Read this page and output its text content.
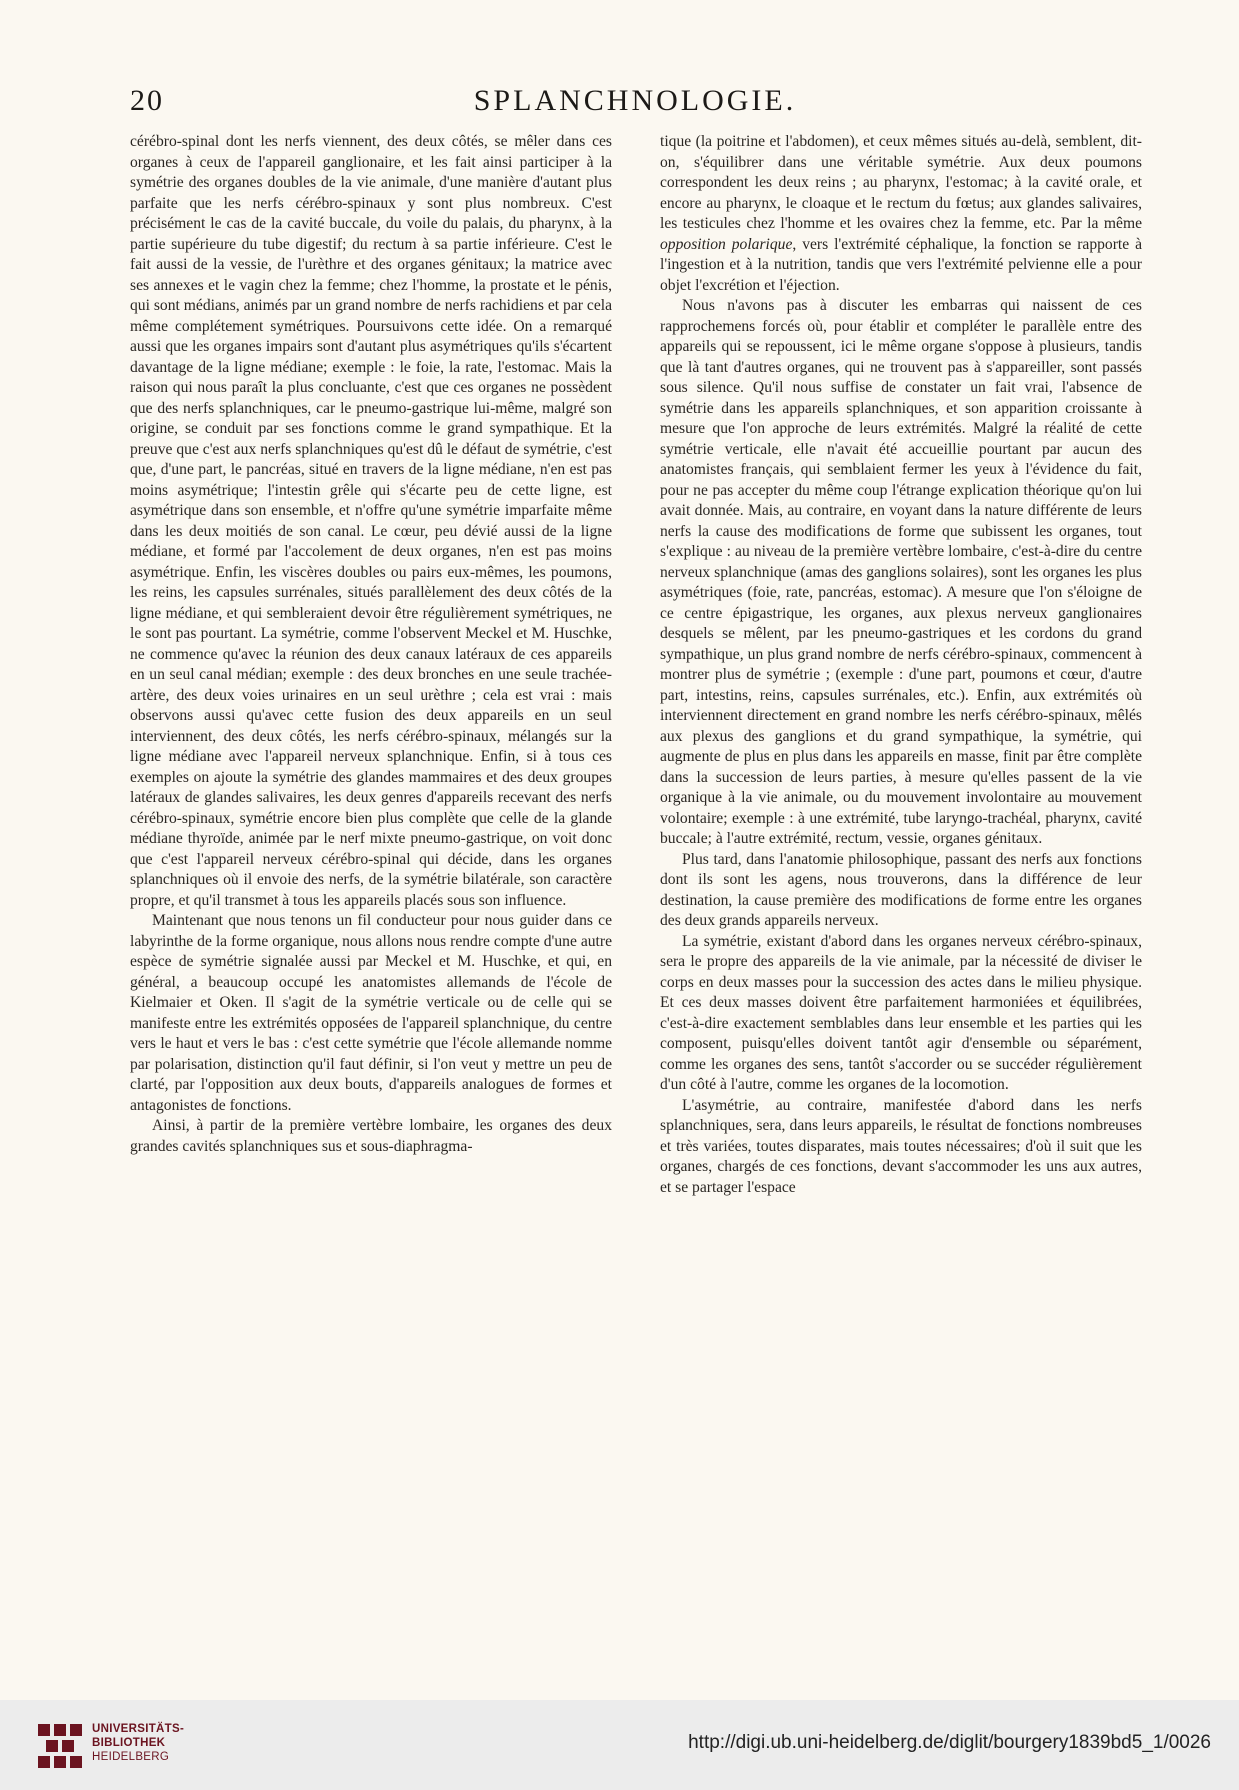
20	SPLANCHNOLOGIE.

cérébro-spinal dont les nerfs viennent, des deux côtés, se mêler dans ces organes à ceux de l'appareil ganglionaire, et les fait ainsi participer à la symétrie des organes doubles de la vie animale, d'une manière d'autant plus parfaite que les nerfs cérébro-spinaux y sont plus nombreux. C'est précisément le cas de la cavité buccale, du voile du palais, du pharynx, à la partie supérieure du tube digestif; du rectum à sa partie inférieure. C'est le fait aussi de la vessie, de l'urèthre et des organes génitaux; la matrice avec ses annexes et le vagin chez la femme; chez l'homme, la prostate et le pénis, qui sont médians, animés par un grand nombre de nerfs rachidiens et par cela même complétement symétriques. Poursuivons cette idée. On a remarqué aussi que les organes impairs sont d'autant plus asymétriques qu'ils s'écartent davantage de la ligne médiane; exemple : le foie, la rate, l'estomac. Mais la raison qui nous paraît la plus concluante, c'est que ces organes ne possèdent que des nerfs splanchniques, car le pneumo-gastrique lui-même, malgré son origine, se conduit par ses fonctions comme le grand sympathique. Et la preuve que c'est aux nerfs splanchniques qu'est dû le défaut de symétrie, c'est que, d'une part, le pancréas, situé en travers de la ligne médiane, n'en est pas moins asymétrique; l'intestin grêle qui s'écarte peu de cette ligne, est asymétrique dans son ensemble, et n'offre qu'une symétrie imparfaite même dans les deux moitiés de son canal. Le cœur, peu dévié aussi de la ligne médiane, et formé par l'accolement de deux organes, n'en est pas moins asymétrique. Enfin, les viscères doubles ou pairs eux-mêmes, les poumons, les reins, les capsules surrénales, situés parallèlement des deux côtés de la ligne médiane, et qui sembleraient devoir être régulièrement symétriques, ne le sont pas pourtant. La symétrie, comme l'observent Meckel et M. Huschke, ne commence qu'avec la réunion des deux canaux latéraux de ces appareils en un seul canal médian; exemple : des deux bronches en une seule trachée-artère, des deux voies urinaires en un seul urèthre ; cela est vrai : mais observons aussi qu'avec cette fusion des deux appareils en un seul interviennent, des deux côtés, les nerfs cérébro-spinaux, mélangés sur la ligne médiane avec l'appareil nerveux splanchnique. Enfin, si à tous ces exemples on ajoute la symétrie des glandes mammaires et des deux groupes latéraux de glandes salivaires, les deux genres d'appareils recevant des nerfs cérébro-spinaux, symétrie encore bien plus complète que celle de la glande médiane thyroïde, animée par le nerf mixte pneumo-gastrique, on voit donc que c'est l'appareil nerveux cérébro-spinal qui décide, dans les organes splanchniques où il envoie des nerfs, de la symétrie bilatérale, son caractère propre, et qu'il transmet à tous les appareils placés sous son influence.

Maintenant que nous tenons un fil conducteur pour nous guider dans ce labyrinthe de la forme organique, nous allons nous rendre compte d'une autre espèce de symétrie signalée aussi par Meckel et M. Huschke, et qui, en général, a beaucoup occupé les anatomistes allemands de l'école de Kielmaier et Oken. Il s'agit de la symétrie verticale ou de celle qui se manifeste entre les extrémités opposées de l'appareil splanchnique, du centre vers le haut et vers le bas : c'est cette symétrie que l'école allemande nomme par polarisation, distinction qu'il faut définir, si l'on veut y mettre un peu de clarté, par l'opposition aux deux bouts, d'appareils analogues de formes et antagonistes de fonctions.

Ainsi, à partir de la première vertèbre lombaire, les organes des deux grandes cavités splanchniques sus et sous-diaphragma-

tique (la poitrine et l'abdomen), et ceux mêmes situés au-delà, semblent, dit-on, s'équilibrer dans une véritable symétrie. Aux deux poumons correspondent les deux reins ; au pharynx, l'estomac; à la cavité orale, et encore au pharynx, le cloaque et le rectum du fœtus; aux glandes salivaires, les testicules chez l'homme et les ovaires chez la femme, etc. Par la même opposition polarique, vers l'extrémité céphalique, la fonction se rapporte à l'ingestion et à la nutrition, tandis que vers l'extrémité pelvienne elle a pour objet l'excrétion et l'éjection.

Nous n'avons pas à discuter les embarras qui naissent de ces rapprochemens forcés où, pour établir et compléter le parallèle entre des appareils qui se repoussent, ici le même organe s'oppose à plusieurs, tandis que là tant d'autres organes, qui ne trouvent pas à s'appareiller, sont passés sous silence. Qu'il nous suffise de constater un fait vrai, l'absence de symétrie dans les appareils splanchniques, et son apparition croissante à mesure que l'on approche de leurs extrémités. Malgré la réalité de cette symétrie verticale, elle n'avait été accueillie pourtant par aucun des anatomistes français, qui semblaient fermer les yeux à l'évidence du fait, pour ne pas accepter du même coup l'étrange explication théorique qu'on lui avait donnée. Mais, au contraire, en voyant dans la nature différente de leurs nerfs la cause des modifications de forme que subissent les organes, tout s'explique : au niveau de la première vertèbre lombaire, c'est-à-dire du centre nerveux splanchnique (amas des ganglions solaires), sont les organes les plus asymétriques (foie, rate, pancréas, estomac). A mesure que l'on s'éloigne de ce centre épigastrique, les organes, aux plexus nerveux ganglionaires desquels se mêlent, par les pneumo-gastriques et les cordons du grand sympathique, un plus grand nombre de nerfs cérébro-spinaux, commencent à montrer plus de symétrie ; (exemple : d'une part, poumons et cœur, d'autre part, intestins, reins, capsules surrénales, etc.). Enfin, aux extrémités où interviennent directement en grand nombre les nerfs cérébro-spinaux, mêlés aux plexus des ganglions et du grand sympathique, la symétrie, qui augmente de plus en plus dans les appareils en masse, finit par être complète dans la succession de leurs parties, à mesure qu'elles passent de la vie organique à la vie animale, ou du mouvement involontaire au mouvement volontaire; exemple : à une extrémité, tube laryngo-trachéal, pharynx, cavité buccale; à l'autre extrémité, rectum, vessie, organes génitaux.

Plus tard, dans l'anatomie philosophique, passant des nerfs aux fonctions dont ils sont les agens, nous trouverons, dans la différence de leur destination, la cause première des modifications de forme entre les organes des deux grands appareils nerveux.

La symétrie, existant d'abord dans les organes nerveux cérébro-spinaux, sera le propre des appareils de la vie animale, par la nécessité de diviser le corps en deux masses pour la succession des actes dans le milieu physique. Et ces deux masses doivent être parfaitement harmoniées et équilibrées, c'est-à-dire exactement semblables dans leur ensemble et les parties qui les composent, puisqu'elles doivent tantôt agir d'ensemble ou séparément, comme les organes des sens, tantôt s'accorder ou se succéder régulièrement d'un côté à l'autre, comme les organes de la locomotion.

L'asymétrie, au contraire, manifestée d'abord dans les nerfs splanchniques, sera, dans leurs appareils, le résultat de fonctions nombreuses et très variées, toutes disparates, mais toutes nécessaires; d'où il suit que les organes, chargés de ces fonctions, devant s'accommoder les uns aux autres, et se partager l'espace

UNIVERSITÄTS-
BIBLIOTHEK
HEIDELBERG
http://digi.ub.uni-heidelberg.de/diglit/bourgery1839bd5_1/0026
